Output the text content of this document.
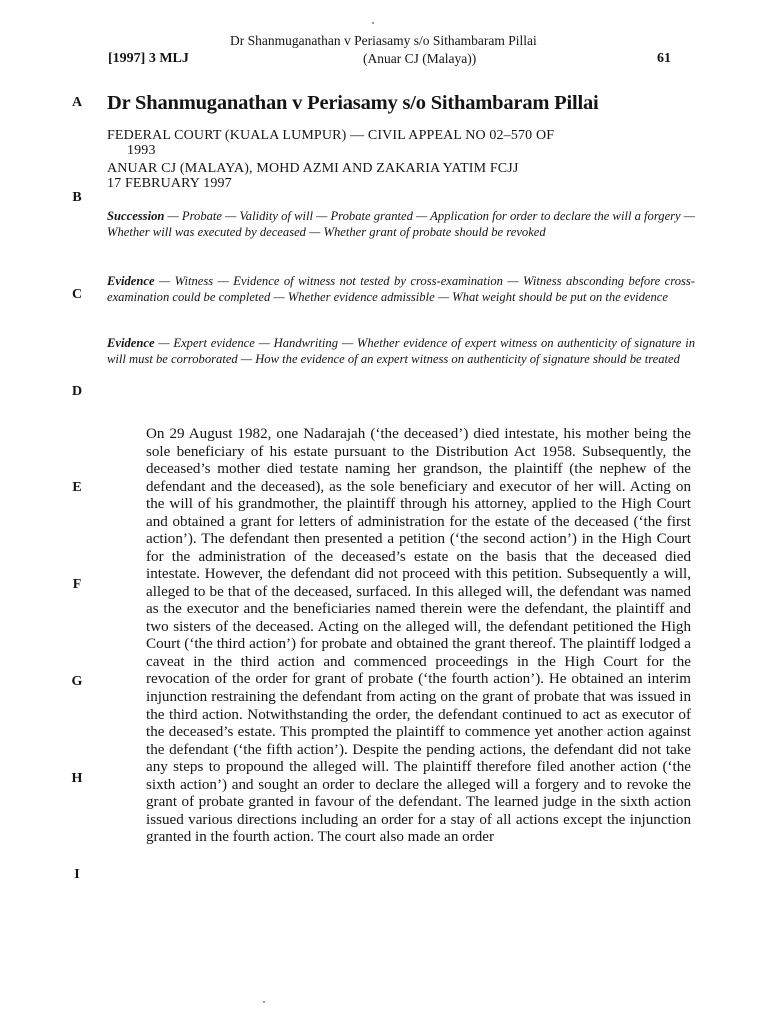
Dr Shanmuganathan v Periasamy s/o Sithambaram Pillai
[1997] 3 MLJ	(Anuar CJ (Malaya))	61
A
B
C
D
E
F
G
H
I
Dr Shanmuganathan v Periasamy s/o Sithambaram Pillai
FEDERAL COURT (KUALA LUMPUR) — CIVIL APPEAL NO 02–570 OF
1993
ANUAR CJ (MALAYA), MOHD AZMI AND ZAKARIA YATIM FCJJ
17 FEBRUARY 1997
Succession — Probate — Validity of will — Probate granted — Application for order to declare the will a forgery — Whether will was executed by deceased — Whether grant of probate should be revoked
Evidence — Witness — Evidence of witness not tested by cross-examination — Witness absconding before cross-examination could be completed — Whether evidence admissible — What weight should be put on the evidence
Evidence — Expert evidence — Handwriting — Whether evidence of expert witness on authenticity of signature in will must be corroborated — How the evidence of an expert witness on authenticity of signature should be treated
On 29 August 1982, one Nadarajah (‘the deceased’) died intestate, his mother being the sole beneficiary of his estate pursuant to the Distribution Act 1958. Subsequently, the deceased’s mother died testate naming her grandson, the plaintiff (the nephew of the defendant and the deceased), as the sole beneficiary and executor of her will. Acting on the will of his grandmother, the plaintiff through his attorney, applied to the High Court and obtained a grant for letters of administration for the estate of the deceased (‘the first action’). The defendant then presented a petition (‘the second action’) in the High Court for the administration of the deceased’s estate on the basis that the deceased died intestate. However, the defendant did not proceed with this petition. Subsequently a will, alleged to be that of the deceased, surfaced. In this alleged will, the defendant was named as the executor and the beneficiaries named therein were the defendant, the plaintiff and two sisters of the deceased. Acting on the alleged will, the defendant petitioned the High Court (‘the third action’) for probate and obtained the grant thereof. The plaintiff lodged a caveat in the third action and commenced proceedings in the High Court for the revocation of the order for grant of probate (‘the fourth action’). He obtained an interim injunction restraining the defendant from acting on the grant of probate that was issued in the third action. Notwithstanding the order, the defendant continued to act as executor of the deceased’s estate. This prompted the plaintiff to commence yet another action against the defendant (‘the fifth action’). Despite the pending actions, the defendant did not take any steps to propound the alleged will. The plaintiff therefore filed another action (‘the sixth action’) and sought an order to declare the alleged will a forgery and to revoke the grant of probate granted in favour of the defendant. The learned judge in the sixth action issued various directions including an order for a stay of all actions except the injunction granted in the fourth action. The court also made an order
